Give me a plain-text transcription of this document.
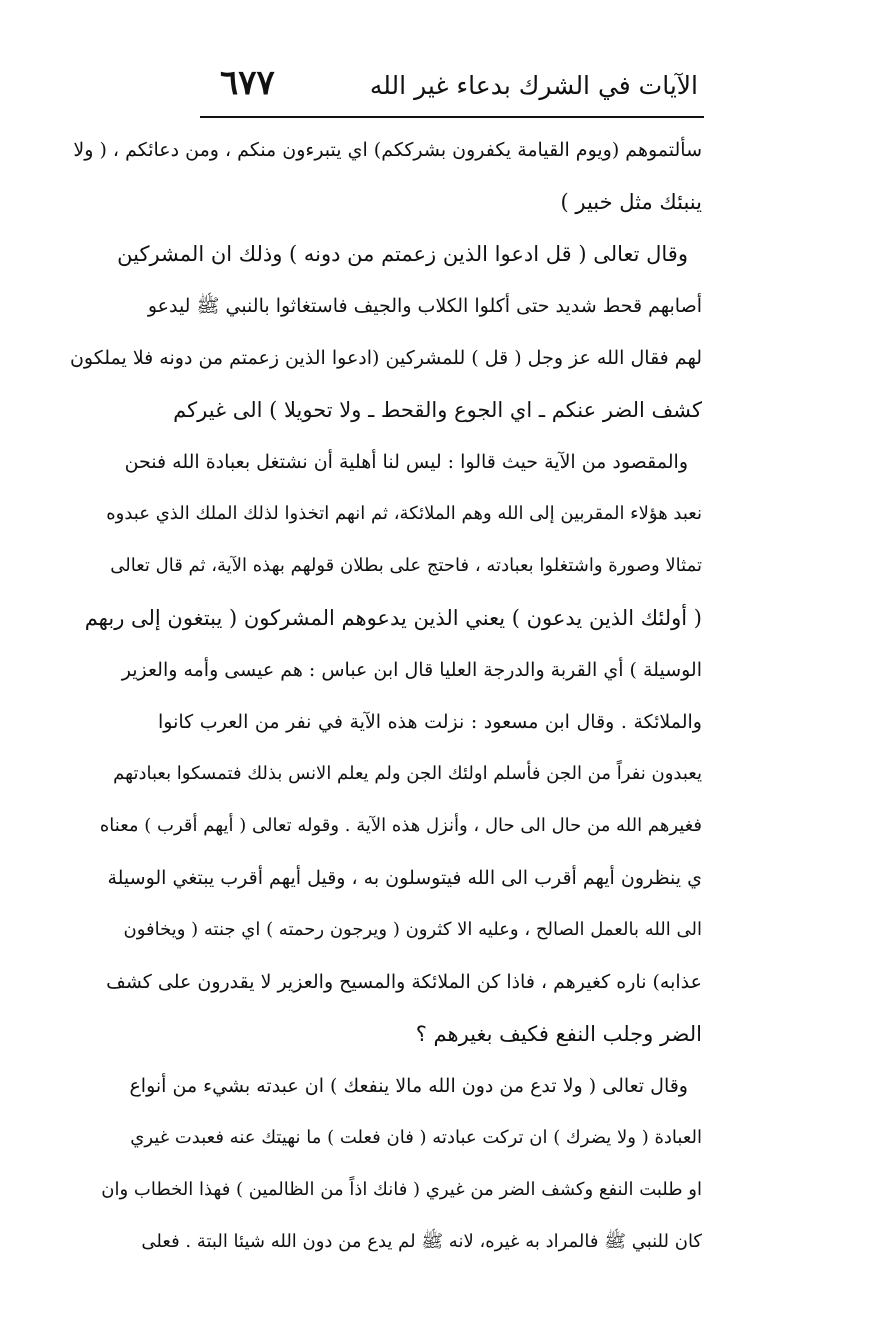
الآيات في الشرك بدعاء غير الله
٦٧٧
سألتموهم (ويوم القيامة يكفرون بشرككم) اي يتبرءون منكم ، ومن دعائكم ، ( ولا
ينبئك مثل خبير )
وقال تعالى ( قل ادعوا الذين زعمتم من دونه ) وذلك ان المشركين
أصابهم قحط شديد حتى أكلوا الكلاب والجيف فاستغاثوا بالنبي ﷺ ليدعو
لهم فقال الله عز وجل ( قل ) للمشركين (ادعوا الذين زعمتم من دونه فلا يملكون
كشف الضر عنكم ـ اي الجوع والقحط ـ ولا تحويلا ) الى غيركم
والمقصود من الآية حيث قالوا : ليس لنا أهلية أن نشتغل بعبادة الله فنحن
نعبد هؤلاء المقربين إلى الله وهم الملائكة، ثم انهم اتخذوا لذلك الملك الذي عبدوه
تمثالا وصورة واشتغلوا بعبادته ، فاحتج على بطلان قولهم بهذه الآية، ثم قال تعالى
( أولئك الذين يدعون ) يعني الذين يدعوهم المشركون ( يبتغون إلى ربهم
الوسيلة ) أي القربة والدرجة العليا قال ابن عباس : هم عيسى وأمه والعزير
والملائكة . وقال ابن مسعود : نزلت هذه الآية في نفر من العرب كانوا
يعبدون نفراً من الجن فأسلم اولئك الجن ولم يعلم الانس بذلك فتمسكوا بعبادتهم
فغيرهم الله من حال الى حال ، وأنزل هذه الآية . وقوله تعالى ( أيهم أقرب ) معناه
ي ينظرون أيهم أقرب الى الله فيتوسلون به ، وقيل أيهم أقرب يبتغي الوسيلة
الى الله بالعمل الصالح ، وعليه الا كثرون ( ويرجون رحمته ) اي جنته ( ويخافون
عذابه) ناره كغيرهم ، فاذا كن الملائكة والمسيح والعزير لا يقدرون على كشف
الضر وجلب النفع فكيف بغيرهم ؟
وقال تعالى ( ولا تدع من دون الله مالا ينفعك ) ان عبدته بشيء من أنواع
العبادة ( ولا يضرك ) ان تركت عبادته ( فان فعلت ) ما نهيتك عنه فعبدت غيري
او طلبت النفع وكشف الضر من غيري ( فانك اذاً من الظالمين ) فهذا الخطاب وان
كان للنبي ﷺ فالمراد به غيره، لانه ﷺ لم يدع من دون الله شيئا البتة . فعلى
